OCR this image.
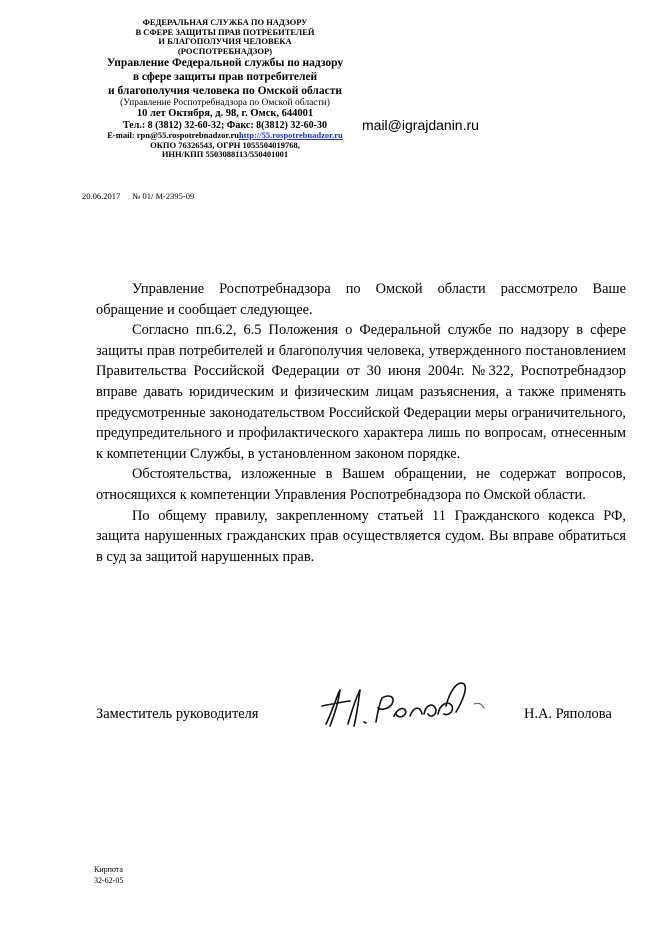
ФЕДЕРАЛЬНАЯ СЛУЖБА ПО НАДЗОРУ
В СФЕРЕ ЗАЩИТЫ ПРАВ ПОТРЕБИТЕЛЕЙ
И БЛАГОПОЛУЧИЯ ЧЕЛОВЕКА
(РОСПОТРЕБНАДЗОР)
Управление Федеральной службы по надзору
в сфере защиты прав потребителей
и благополучия человека по Омской области
(Управление Роспотребнадзора по Омской области)
10 лет Октября, д. 98, г. Омск, 644001
Тел.: 8 (3812) 32-60-32; Факс: 8(3812) 32-60-30
E-mail: rpn@55.rospotrebnadzor.ruhttp://55.rospotrebnadzor.ru
ОКПО 76326543, ОГРН 1055504019768,
ИНН/КПП 5503088113/550401001
mail@igrajdanin.ru
20.06.2017 № 01/ М-2395-09

Управление Роспотребнадзора по Омской области рассмотрело Ваше обращение и сообщает следующее.

Согласно пп.6.2, 6.5 Положения о Федеральной службе по надзору в сфере защиты прав потребителей и благополучия человека, утвержденного постановлением Правительства Российской Федерации от 30 июня 2004г. №322, Роспотребнадзор вправе давать юридическим и физическим лицам разъяснения, а также применять предусмотренные законодательством Российской Федерации меры ограничительного, предупредительного и профилактического характера лишь по вопросам, отнесенным к компетенции Службы, в установленном законом порядке.

Обстоятельства, изложенные в Вашем обращении, не содержат вопросов, относящихся к компетенции Управления Роспотребнадзора по Омской области.

По общему правилу, закрепленному статьей 11 Гражданского кодекса РФ, защита нарушенных гражданских прав осуществляется судом. Вы вправе обратиться в суд за защитой нарушенных прав.

Заместитель руководителя	Н.А. Ряполова
Кирпота
32-62-05
